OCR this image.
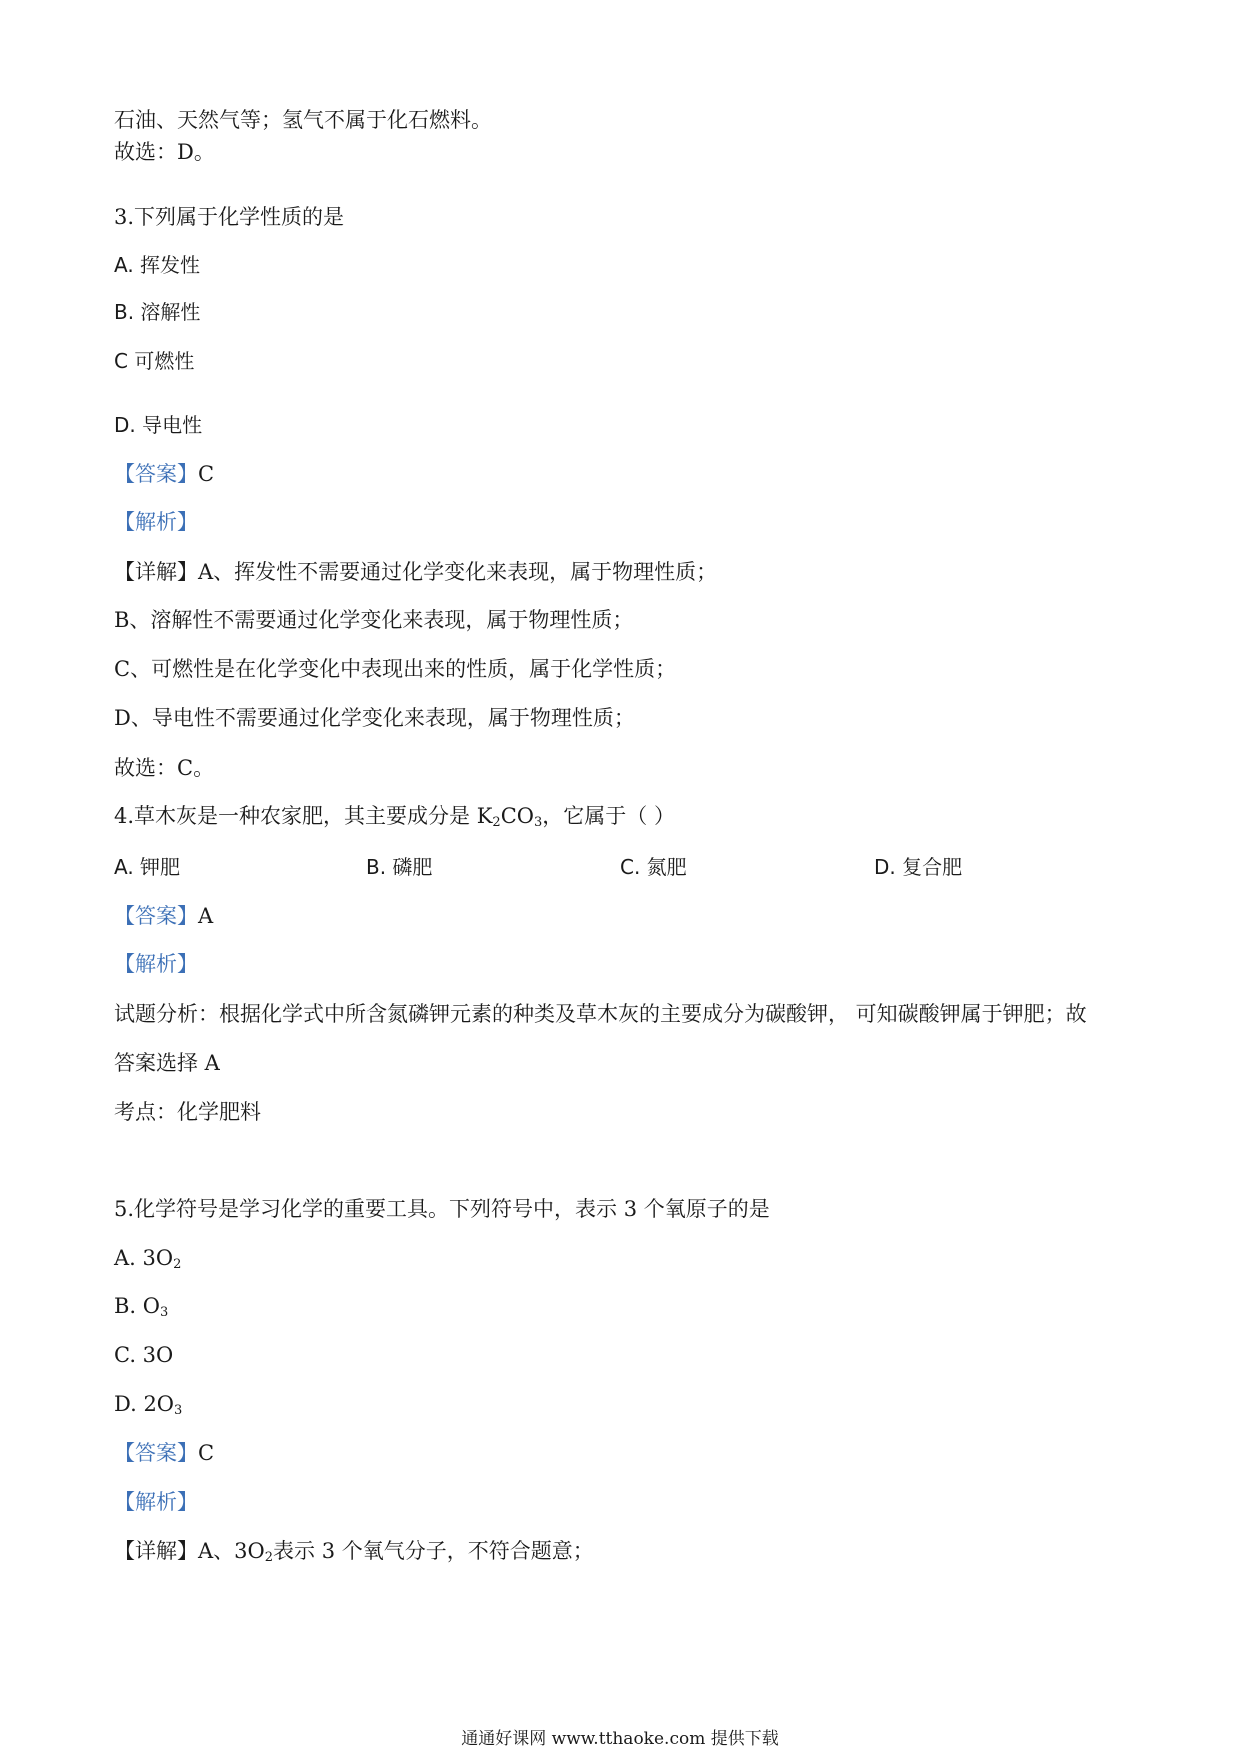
石油、天然气等；氢气不属于化石燃料。
故选：D。
3.下列属于化学性质的是
A. 挥发性
B. 溶解性
C 可燃性
D. 导电性
【答案】C
【解析】
【详解】A、挥发性不需要通过化学变化来表现，属于物理性质；
B、溶解性不需要通过化学变化来表现，属于物理性质；
C、可燃性是在化学变化中表现出来的性质，属于化学性质；
D、导电性不需要通过化学变化来表现，属于物理性质；
故选：C。
4.草木灰是一种农家肥，其主要成分是 $K_2CO_3$，它属于（ ）
A. 钾肥	B. 磷肥	C. 氮肥	D. 复合肥
【答案】A
【解析】
试题分析：根据化学式中所含氮磷钾元素的种类及草木灰的主要成分为碳酸钾， 可知碳酸钾属于钾肥；故
答案选择 A
考点：化学肥料
5.化学符号是学习化学的重要工具。下列符号中，表示 3 个氧原子的是
A. $3O_2$
B. $O_3$
C. 3O
D. $2O_3$
【答案】C
【解析】
【详解】A、$3O_2$表示 3 个氧气分子，不符合题意；
通通好课网 www.tthaoke.com 提供下载
